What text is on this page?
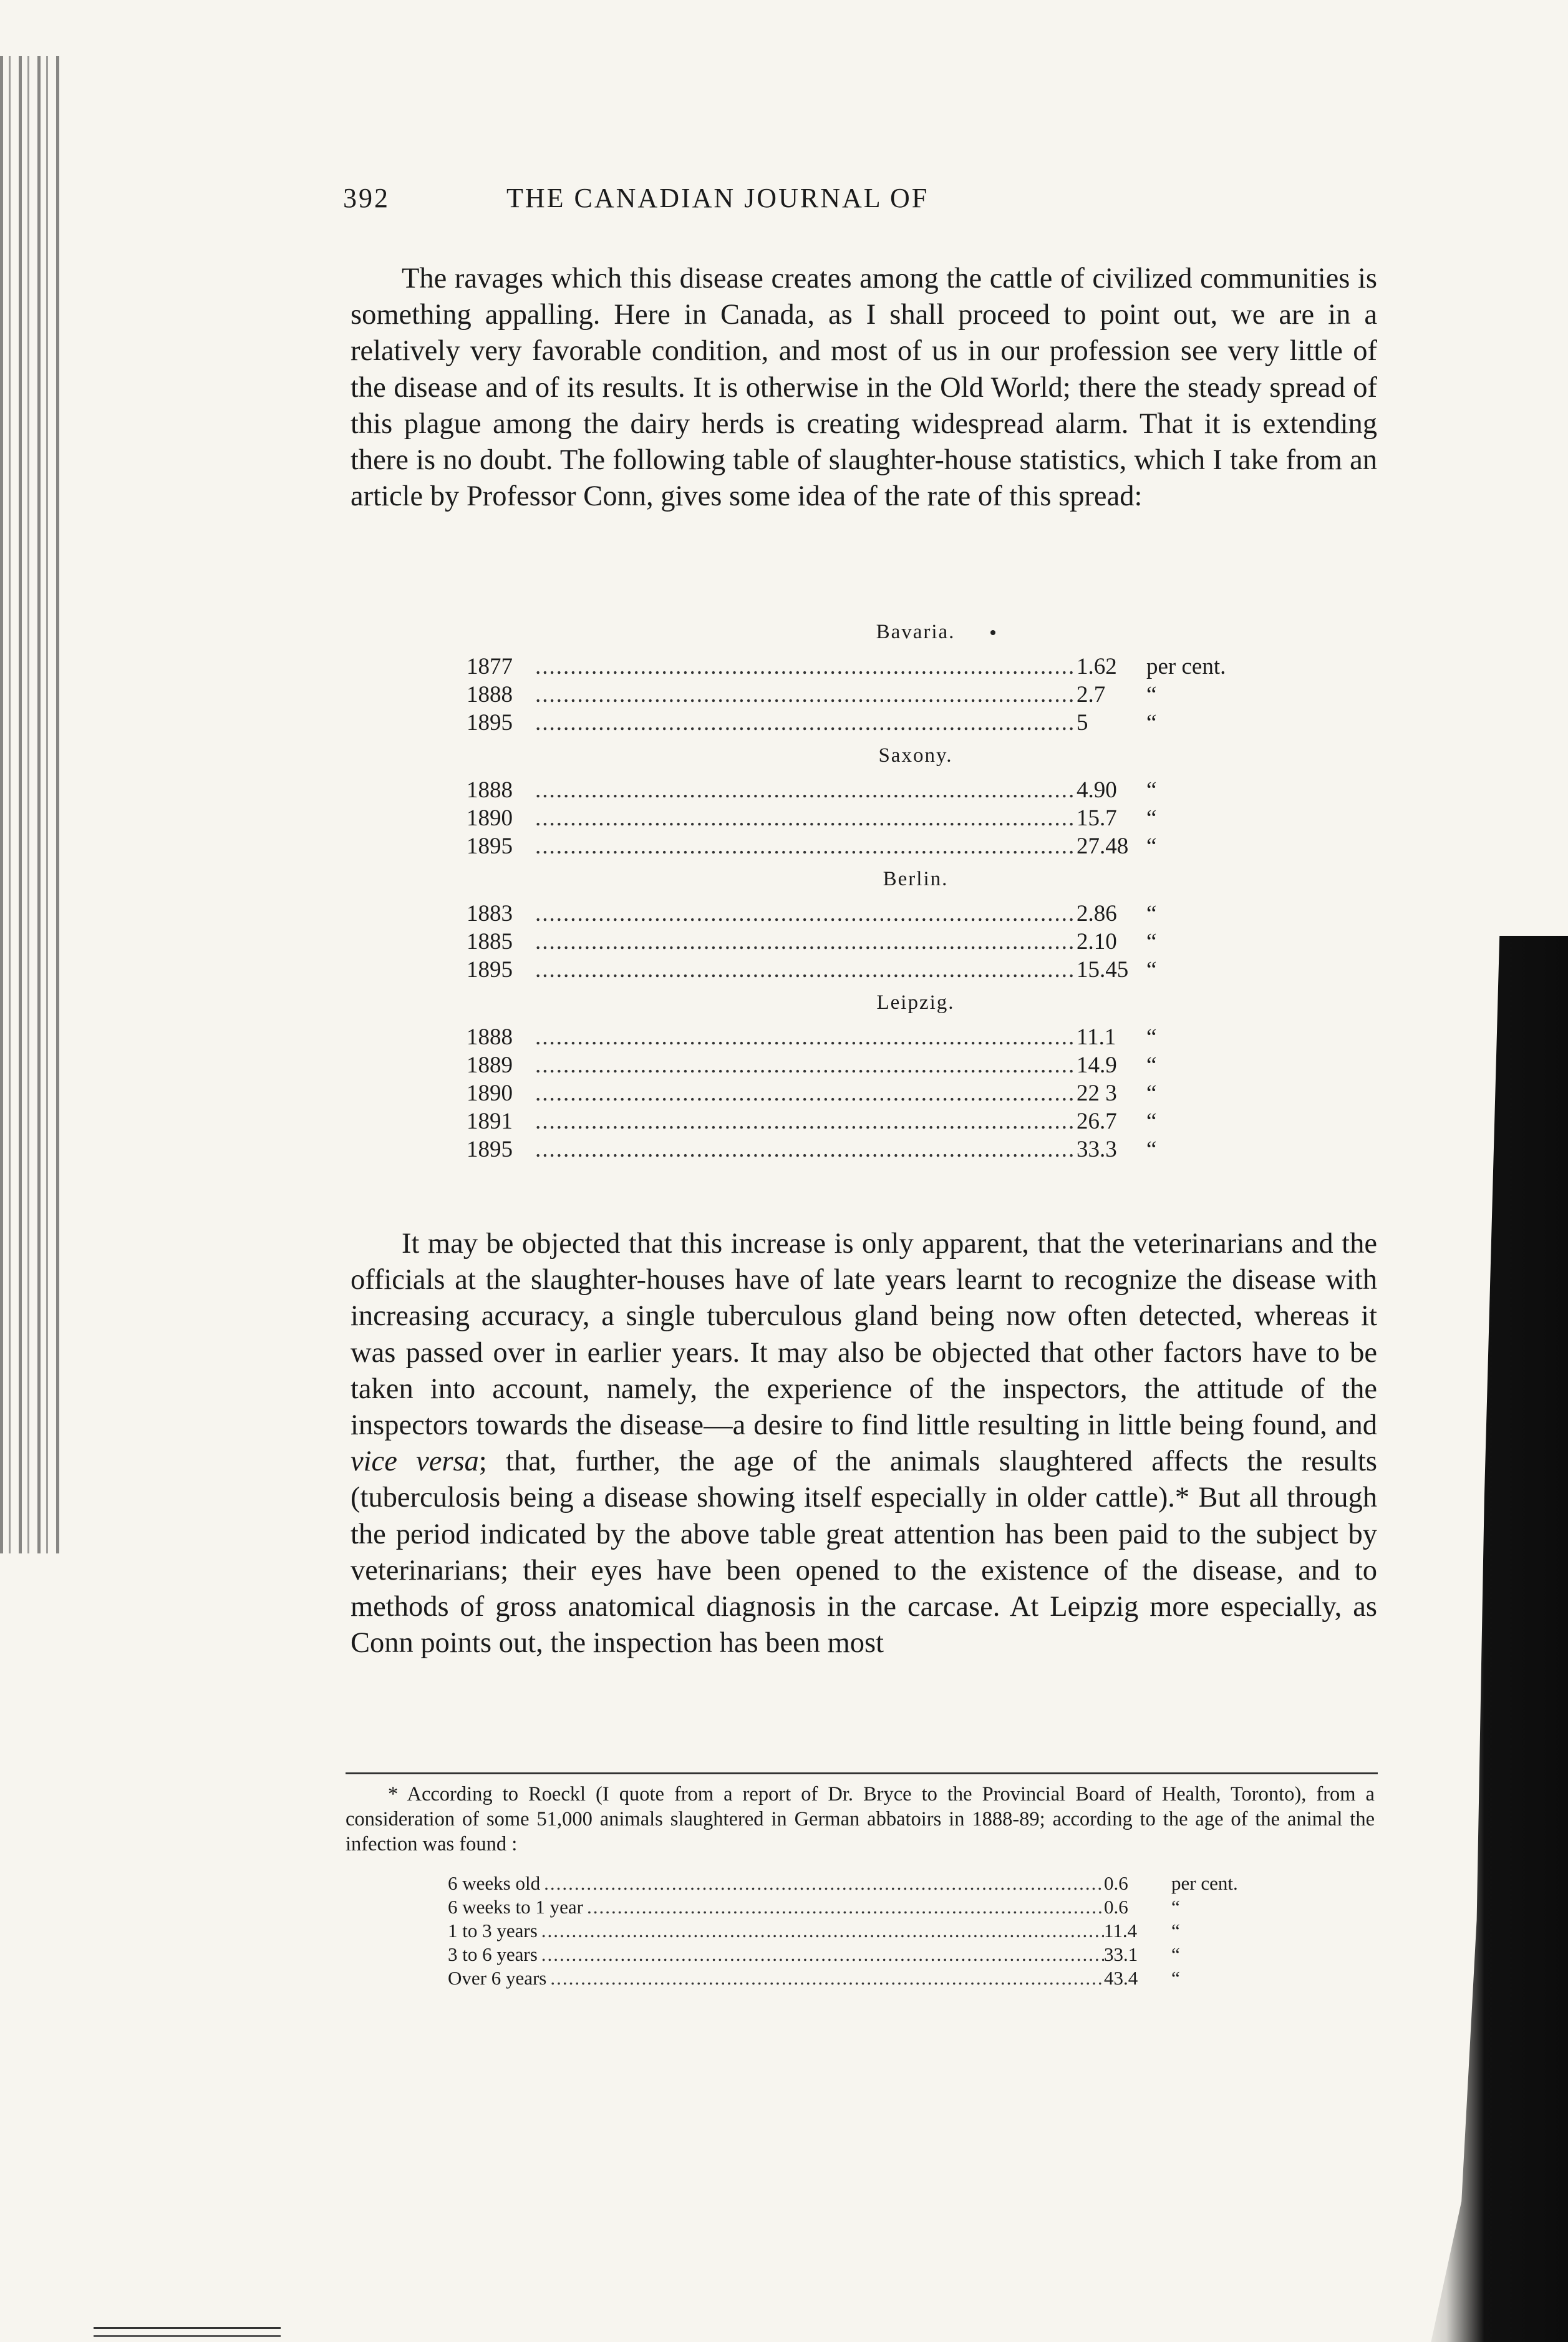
392	THE CANADIAN JOURNAL OF

The ravages which this disease creates among the cattle of civilized communities is something appalling. Here in Canada, as I shall proceed to point out, we are in a relatively very favorable condition, and most of us in our profession see very little of the disease and of its results. It is otherwise in the Old World; there the steady spread of this plague among the dairy herds is creating widespread alarm. That it is extending there is no doubt. The following table of slaughter-house statistics, which I take from an article by Professor Conn, gives some idea of the rate of this spread:

Bavaria.
1877 .....	1.62	per cent.
1888 .....	2.7	“
1895 .....	5	“
Saxony.
1888 .....	4.90	“
1890 .....	15.7	“
1895 .....	27.48 “
Berlin.
1883 .....	2.86	“
1885 .....	2.10	“
1895 .....	15.45 “
Leipzig.
1888 .....	11.1	“
1889 .....	14.9	“
1890 .....	22 3	“
1891 .....	26.7	“
1895 .....	33.3	“

It may be objected that this increase is only apparent, that the veterinarians and the officials at the slaughter-houses have of late years learnt to recognize the disease with increasing accuracy, a single tuberculous gland being now often detected, whereas it was passed over in earlier years. It may also be objected that other factors have to be taken into account, namely, the experience of the inspectors, the attitude of the inspectors towards the disease—a desire to find little resulting in little being found, and vice versa; that, further, the age of the animals slaughtered affects the results (tuberculosis being a disease showing itself especially in older cattle).* But all through the period indicated by the above table great attention has been paid to the subject by veterinarians; their eyes have been opened to the existence of the disease, and to methods of gross anatomical diagnosis in the carcase. At Leipzig more especially, as Conn points out, the inspection has been most

* According to Roeckl (I quote from a report of Dr. Bryce to the Provincial Board of Health, Toronto), from a consideration of some 51,000 animals slaughtered in German abbatoirs in 1888-89; according to the age of the animal the infection was found :

6 weeks old .....	0.6	per cent.
6 weeks to 1 year .....	0.6	“
1 to 3 years .....	11.4	“
3 to 6 years .....	33.1	“
Over 6 years .....	43.4	“
